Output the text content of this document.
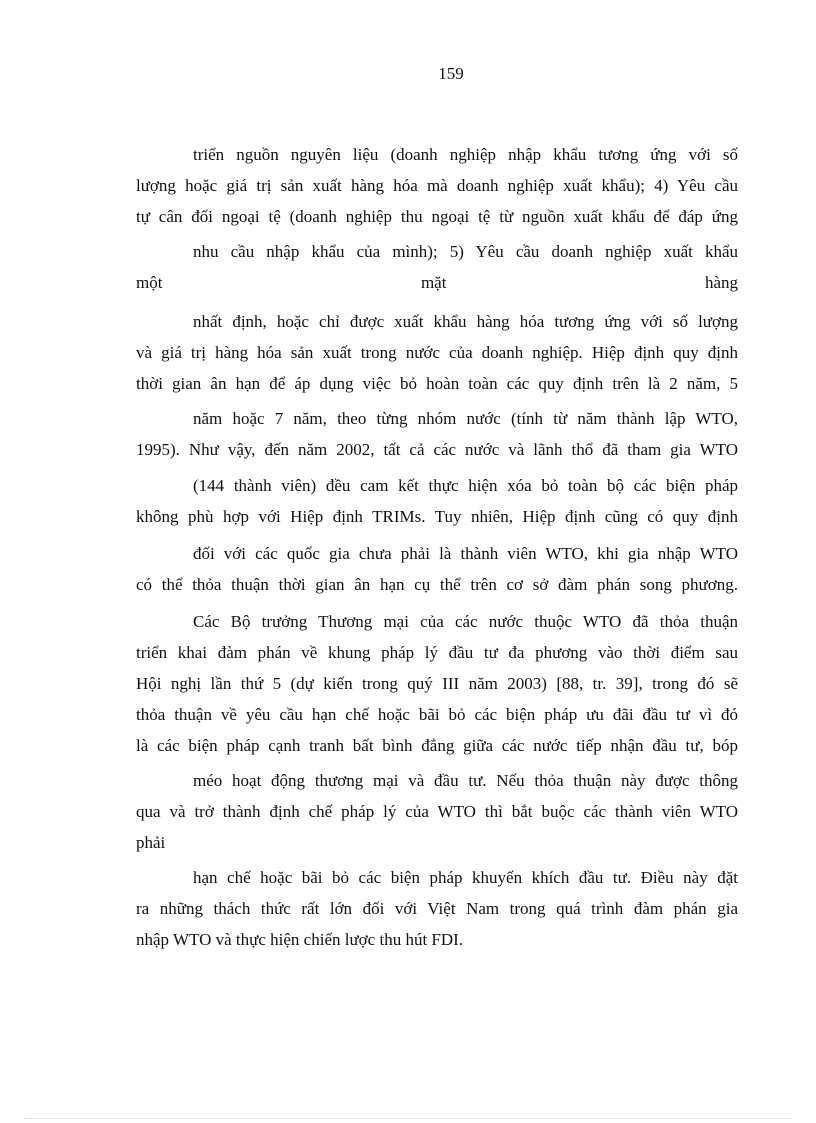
159
triển nguồn nguyên liệu (doanh nghiệp nhập khẩu tương ứng với số
lượng hoặc giá trị sản xuất hàng hóa mà doanh nghiệp xuất khẩu); 4) Yêu cầu
tự cân đối ngoại tệ (doanh nghiệp thu ngoại tệ từ nguồn xuất khẩu để đáp ứng
nhu cầu nhập khẩu của mình); 5) Yêu cầu doanh nghiệp xuất khẩu
một mặt hàng
nhất định, hoặc chỉ được xuất khẩu hàng hóa tương ứng với số lượng
và giá trị hàng hóa sản xuất trong nước của doanh nghiệp. Hiệp định quy định
thời gian ân hạn để áp dụng việc bỏ hoàn toàn các quy định trên là 2 năm, 5
năm hoặc 7 năm, theo từng nhóm nước (tính từ năm thành lập WTO,
1995). Như vậy, đến năm 2002, tất cả các nước và lãnh thổ đã tham gia WTO
(144 thành viên) đều cam kết thực hiện xóa bỏ toàn bộ các biện pháp
không phù hợp với Hiệp định TRIMs. Tuy nhiên, Hiệp định cũng có quy định
đối với các quốc gia chưa phải là thành viên WTO, khi gia nhập WTO
có thể thỏa thuận thời gian ân hạn cụ thể trên cơ sở đàm phán song phương.
Các Bộ trưởng Thương mại của các nước thuộc WTO đã thỏa thuận
triển khai đàm phán về khung pháp lý đầu tư đa phương vào thời điểm sau
Hội nghị lần thứ 5 (dự kiến trong quý III năm 2003) [88, tr. 39], trong đó sẽ
thỏa thuận về yêu cầu hạn chế hoặc bãi bỏ các biện pháp ưu đãi đầu tư vì đó
là các biện pháp cạnh tranh bất bình đẳng giữa các nước tiếp nhận đầu tư, bóp
méo hoạt động thương mại và đầu tư. Nếu thỏa thuận này được thông
qua và trở thành định chế pháp lý của WTO thì bắt buộc các thành viên WTO
phải
hạn chế hoặc bãi bỏ các biện pháp khuyến khích đầu tư. Điều này đặt
ra những thách thức rất lớn đối với Việt Nam trong quá trình đàm phán gia
nhập WTO và thực hiện chiến lược thu hút FDI.
